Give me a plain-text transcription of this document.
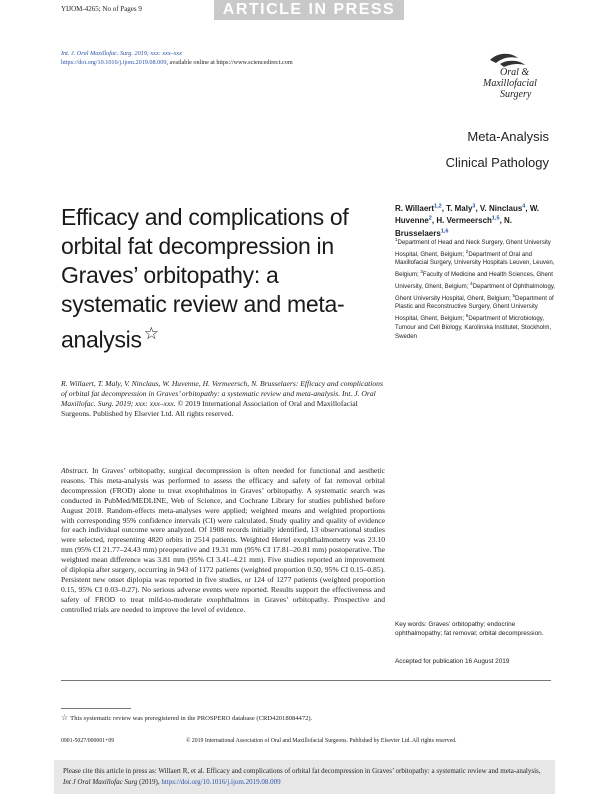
YIJOM-4265; No of Pages 9	ARTICLE IN PRESS
Int. J. Oral Maxillofac. Surg. 2019; xxx: xxx–xxx
https://doi.org/10.1016/j.ijom.2019.08.009, available online at https://www.sciencedirect.com
Oral &
Maxillofacial
Surgery
Meta-Analysis
Clinical Pathology
Efficacy and complications of orbital fat decompression in Graves’ orbitopathy: a systematic review and meta-analysis ☆
R. Willaert$^{1,2}$, T. Maly$^3$, V. Ninclaus$^4$, W. Huvenne$^2$, H. Vermeersch$^{1,5}$, N. Brusselaers$^{1,6}$
$^1$Department of Head and Neck Surgery, Ghent University Hospital, Ghent, Belgium; $^2$Department of Oral and Maxillofacial Surgery, University Hospitals Leuven, Leuven, Belgium; $^3$Faculty of Medicine and Health Sciences, Ghent University, Ghent, Belgium; $^4$Department of Ophthalmology, Ghent University Hospital, Ghent, Belgium; $^5$Department of Plastic and Reconstructive Surgery, Ghent University Hospital, Ghent, Belgium; $^6$Department of Microbiology, Tumour and Cell Biology, Karolinska Institutet, Stockholm, Sweden
R. Willaert, T. Maly, V. Ninclaus, W. Huvenne, H. Vermeersch, N. Brusselaers: Efficacy and complications of orbital fat decompression in Graves’ orbitopathy: a systematic review and meta-analysis. Int. J. Oral Maxillofac. Surg. 2019; xxx: xxx–xxx. © 2019 International Association of Oral and Maxillofacial Surgeons. Published by Elsevier Ltd. All rights reserved.
Abstract. In Graves’ orbitopathy, surgical decompression is often needed for functional and aesthetic reasons. This meta-analysis was performed to assess the efficacy and safety of fat removal orbital decompression (FROD) alone to treat exophthalmos in Graves’ orbitopathy. A systematic search was conducted in PubMed/MEDLINE, Web of Science, and Cochrane Library for studies published before August 2018. Random-effects meta-analyses were applied; weighted means and weighted proportions with corresponding 95% confidence intervals (CI) were calculated. Study quality and quality of evidence for each individual outcome were analyzed. Of 1908 records initially identified, 13 observational studies were selected, representing 4820 orbits in 2514 patients. Weighted Hertel exophthalmometry was 23.10 mm (95% CI 21.77–24.43 mm) preoperative and 19.31 mm (95% CI 17.81–20.81 mm) postoperative. The weighted mean difference was 3.81 mm (95% CI 3.41–4.21 mm). Five studies reported an improvement of diplopia after surgery, occurring in 943 of 1172 patients (weighted proportion 0.50, 95% CI 0.15–0.85). Persistent new onset diplopia was reported in five studies, or 124 of 1277 patients (weighted proportion 0.15, 95% CI 0.03–0.27). No serious adverse events were reported. Results support the effectiveness and safety of FROD to treat mild-to-moderate exophthalmos in Graves’ orbitopathy. Prospective and controlled trials are needed to improve the level of evidence.
Key words: Graves’ orbitopathy; endocrine ophthalmopathy; fat removal; orbital decompression.
Accepted for publication 16 August 2019
☆ This systematic review was preregistered in the PROSPERO database (CRD42018084472).
0901-5027/000001+09	© 2019 International Association of Oral and Maxillofacial Surgeons. Published by Elsevier Ltd. All rights reserved.
Please cite this article in press as: Willaert R, et al. Efficacy and complications of orbital fat decompression in Graves’ orbitopathy: a systematic review and meta-analysis, Int J Oral Maxillofac Surg (2019), https://doi.org/10.1016/j.ijom.2019.08.009
